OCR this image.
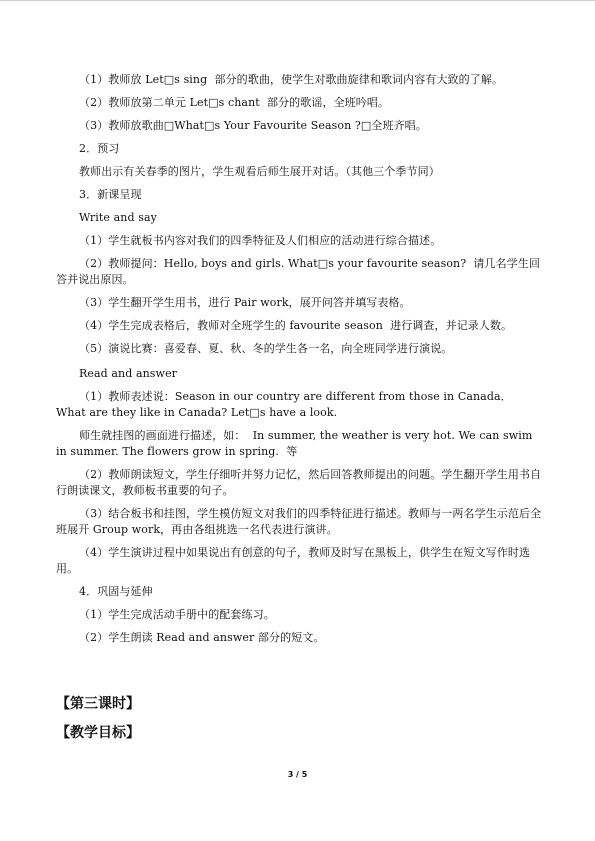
（1）教师放 Let□s sing  部分的歌曲，使学生对歌曲旋律和歌词内容有大致的了解。
（2）教师放第二单元 Let□s chant  部分的歌谣，全班吟唱。
（3）教师放歌曲□What□s Your Favourite Season ?□全班齐唱。
2．预习
教师出示有关春季的图片，学生观看后师生展开对话。（其他三个季节同）
3．新课呈现
Write and say
（1）学生就板书内容对我们的四季特征及人们相应的活动进行综合描述。
（2）教师提问：Hello, boys and girls. What□s your favourite season?  请几名学生回答并说出原因。
（3）学生翻开学生用书，进行 Pair work，展开问答并填写表格。
（4）学生完成表格后，教师对全班学生的 favourite season  进行调查，并记录人数。
（5）演说比赛：喜爱春、夏、秋、冬的学生各一名，向全班同学进行演说。
Read and answer
（1）教师表述说：Season in our country are different from those in Canada．  What are they like in Canada? Let□s have a look.
师生就挂图的画面进行描述，如：  In summer, the weather is very hot. We can swim in summer. The flowers grow in spring.  等
（2）教师朗读短文，学生仔细听并努力记忆，然后回答教师提出的问题。学生翻开学生用书自行朗读课文，教师板书重要的句子。
（3）结合板书和挂图，学生模仿短文对我们的四季特征进行描述。教师与一两名学生示范后全班展开 Group work，再由各组挑选一名代表进行演讲。
（4）学生演讲过程中如果说出有创意的句子，教师及时写在黑板上，供学生在短文写作时选用。
4．巩固与延伸
（1）学生完成活动手册中的配套练习。
（2）学生朗读 Read and answer 部分的短文。
【第三课时】
【教学目标】
3 / 5
